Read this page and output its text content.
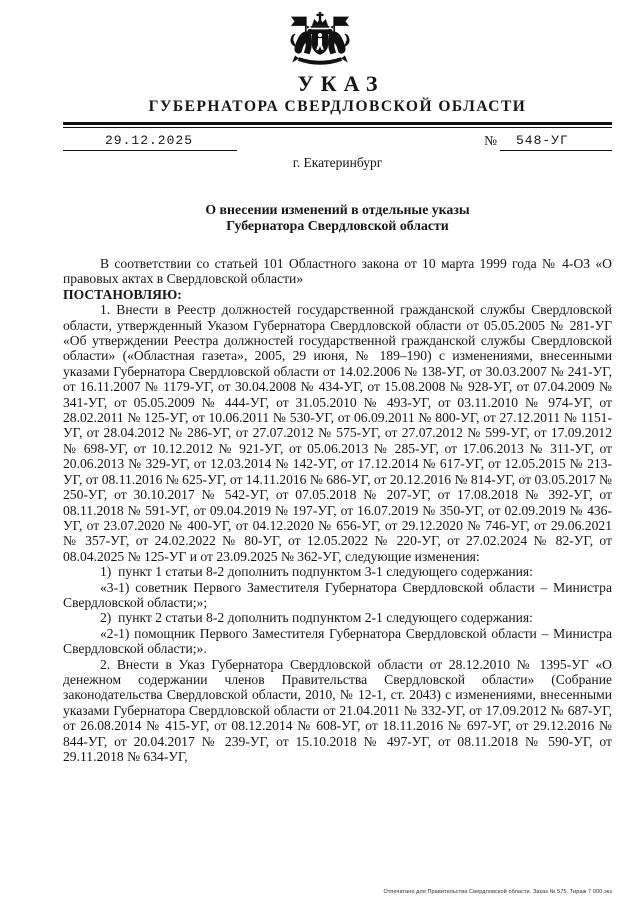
УКАЗ
ГУБЕРНАТОРА СВЕРДЛОВСКОЙ ОБЛАСТИ
29.12.2025	№	548-УГ
г. Екатеринбург
О внесении изменений в отдельные указы
Губернатора Свердловской области

В соответствии со статьей 101 Областного закона от 10 марта 1999 года № 4-ОЗ «О правовых актах в Свердловской области»

ПОСТАНОВЛЯЮ:

1. Внести в Реестр должностей государственной гражданской службы Свердловской области, утвержденный Указом Губернатора Свердловской области от 05.05.2005 № 281-УГ «Об утверждении Реестра должностей государственной гражданской службы Свердловской области» («Областная газета», 2005, 29 июня, № 189–190) с изменениями, внесенными указами Губернатора Свердловской области от 14.02.2006 № 138-УГ, от 30.03.2007 № 241-УГ, от 16.11.2007 № 1179-УГ, от 30.04.2008 № 434-УГ, от 15.08.2008 № 928-УГ, от 07.04.2009 № 341-УГ, от 05.05.2009 № 444-УГ, от 31.05.2010 № 493-УГ, от 03.11.2010 № 974-УГ, от 28.02.2011 № 125-УГ, от 10.06.2011 № 530-УГ, от 06.09.2011 № 800-УГ, от 27.12.2011 № 1151-УГ, от 28.04.2012 № 286-УГ, от 27.07.2012 № 575-УГ, от 27.07.2012 № 599-УГ, от 17.09.2012 № 698-УГ, от 10.12.2012 № 921-УГ, от 05.06.2013 № 285-УГ, от 17.06.2013 № 311-УГ, от 20.06.2013 № 329-УГ, от 12.03.2014 № 142-УГ, от 17.12.2014 № 617-УГ, от 12.05.2015 № 213-УГ, от 08.11.2016 № 625-УГ, от 14.11.2016 № 686-УГ, от 20.12.2016 № 814-УГ, от 03.05.2017 № 250-УГ, от 30.10.2017 № 542-УГ, от 07.05.2018 № 207-УГ, от 17.08.2018 № 392-УГ, от 08.11.2018 № 591-УГ, от 09.04.2019 № 197-УГ, от 16.07.2019 № 350-УГ, от 02.09.2019 № 436-УГ, от 23.07.2020 № 400-УГ, от 04.12.2020 № 656-УГ, от 29.12.2020 № 746-УГ, от 29.06.2021 № 357-УГ, от 24.02.2022 № 80-УГ, от 12.05.2022 № 220-УГ, от 27.02.2024 № 82-УГ, от 08.04.2025 № 125-УГ и от 23.09.2025 № 362-УГ, следующие изменения:

1) пункт 1 статьи 8-2 дополнить подпунктом 3-1 следующего содержания:

«3-1) советник Первого Заместителя Губернатора Свердловской области – Министра Свердловской области;»;

2) пункт 2 статьи 8-2 дополнить подпунктом 2-1 следующего содержания:

«2-1) помощник Первого Заместителя Губернатора Свердловской области – Министра Свердловской области;».

2. Внести в Указ Губернатора Свердловской области от 28.12.2010 № 1395-УГ «О денежном содержании членов Правительства Свердловской области» (Собрание законодательства Свердловской области, 2010, № 12-1, ст. 2043) с изменениями, внесенными указами Губернатора Свердловской области от 21.04.2011 № 332-УГ, от 17.09.2012 № 687-УГ, от 26.08.2014 № 415-УГ, от 08.12.2014 № 608-УГ, от 18.11.2016 № 697-УГ, от 29.12.2016 № 844-УГ, от 20.04.2017 № 239-УГ, от 15.10.2018 № 497-УГ, от 08.11.2018 № 590-УГ, от 29.11.2018 № 634-УГ,

Отпечатано для Правительства Свердловской области. Заказ № 575. Тираж 7 000 экз
